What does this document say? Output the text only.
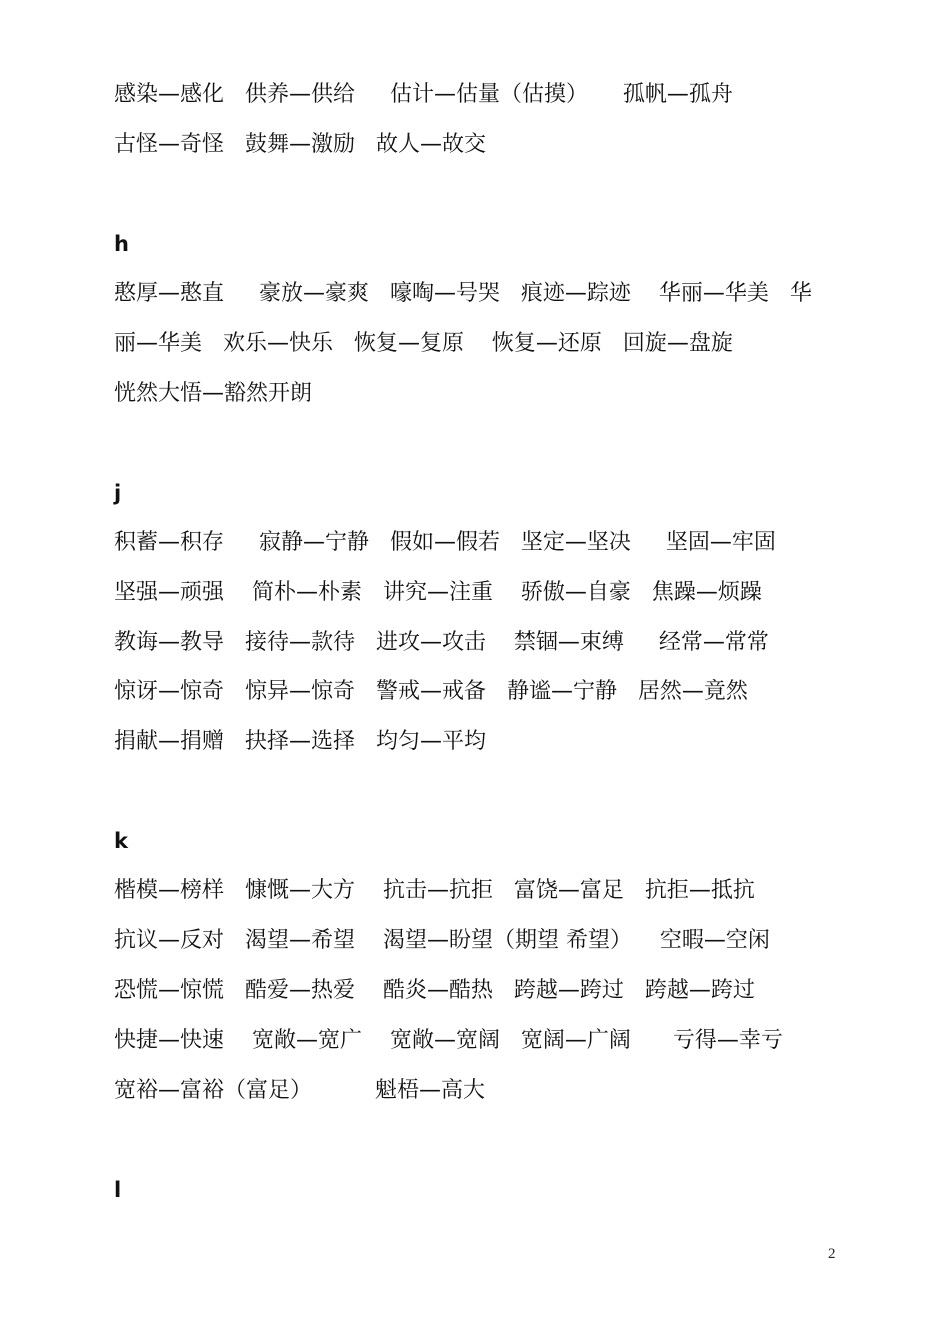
感染—感化   供养—供给     估计—估量（估摸）     孤帆—孤舟
古怪—奇怪   鼓舞—激励   故人—故交
h
憨厚—憨直     豪放—豪爽   嚎啕—号哭   痕迹—踪迹    华丽—华美   华
丽—华美   欢乐—快乐   恢复—复原    恢复—还原   回旋—盘旋
恍然大悟—豁然开朗
j
积蓄—积存     寂静—宁静   假如—假若   坚定—坚决     坚固—牢固
坚强—顽强    简朴—朴素   讲究—注重    骄傲—自豪   焦躁—烦躁
教诲—教导   接待—款待   进攻—攻击    禁锢—束缚     经常—常常
惊讶—惊奇   惊异—惊奇   警戒—戒备   静谧—宁静   居然—竟然
捐献—捐赠   抉择—选择   均匀—平均
k
楷模—榜样   慷慨—大方    抗击—抗拒   富饶—富足   抗拒—抵抗
抗议—反对   渴望—希望    渴望—盼望（期望 希望）    空暇—空闲
恐慌—惊慌   酷爱—热爱    酷炎—酷热   跨越—跨过   跨越—跨过
快捷—快速    宽敞—宽广    宽敞—宽阔   宽阔—广阔      亏得—幸亏
宽裕—富裕（富足）         魁梧—高大
l
2
